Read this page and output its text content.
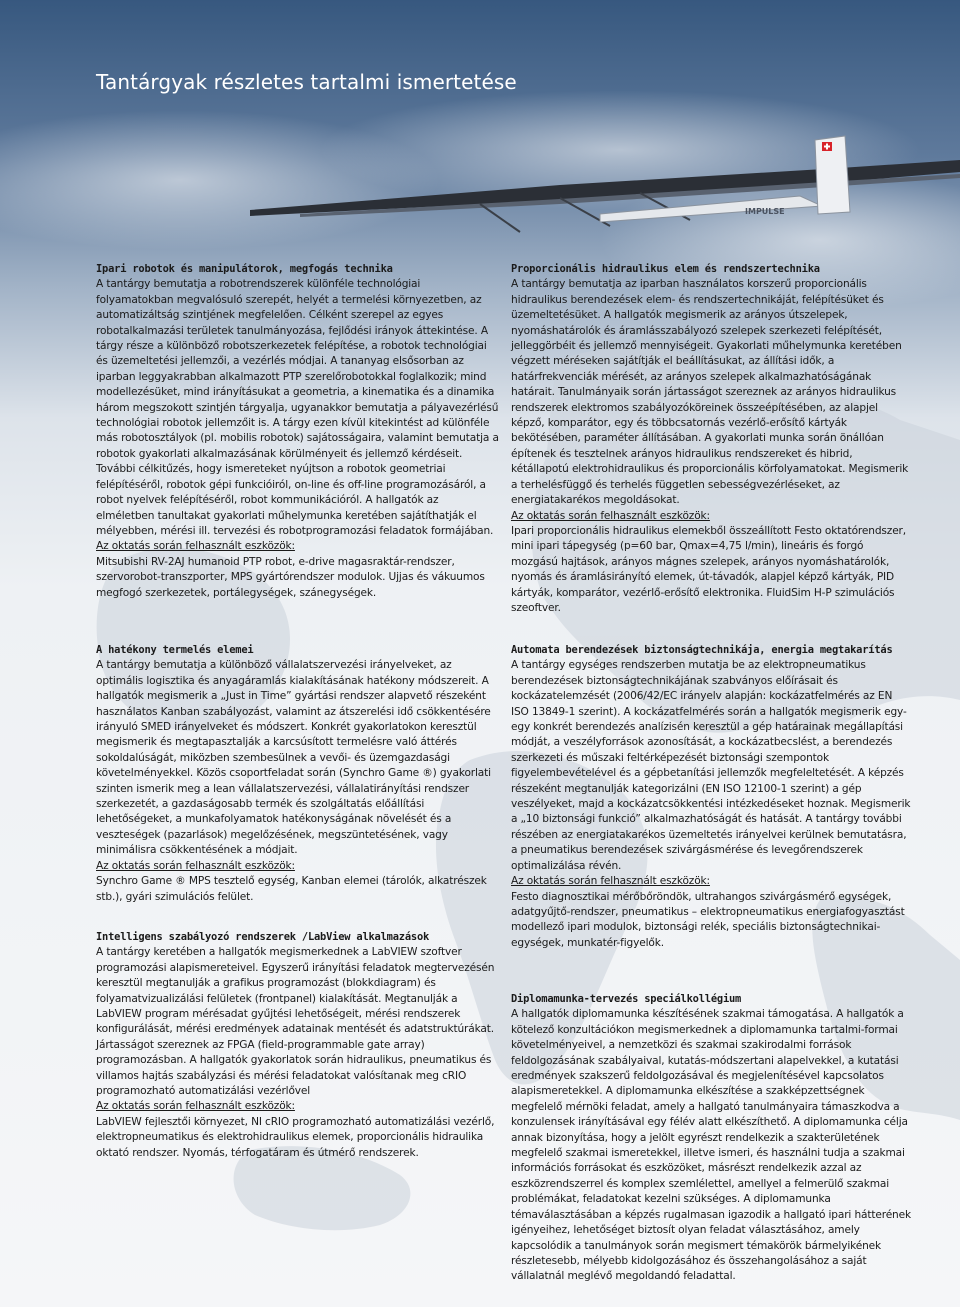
IMPULSE
Tantárgyak részletes tartalmi ismertetése

Ipari robotok és manipulátorok, megfogás technika

A tantárgy bemutatja a robotrendszerek különféle technológiai folyamatokban megvalósuló szerepét, helyét a termelési környezetben, az automatizáltság szintjének megfelelően. Célként szerepel az egyes robotalkalmazási területek tanulmányozása, fejlődési irányok áttekintése. A tárgy része a különböző robotszerkezetek felépítése, a robotok technológiai és üzemeltetési jellemzői, a vezérlés módjai. A tananyag elsősorban az iparban leggyakrabban alkalmazott PTP szerelőrobotokkal foglalkozik; mind modellezésüket, mind irányításukat a geometria, a kinematika és a dinamika három megszokott szintjén tárgyalja, ugyanakkor bemutatja a pályavezérlésű technológiai robotok jellemzőit is. A tárgy ezen kívül kitekintést ad különféle más robotosztályok (pl. mobilis robotok) sajátosságaira, valamint bemutatja a robotok gyakorlati alkalmazásának körülményeit és jellemző kérdéseit. További célkitűzés, hogy ismereteket nyújtson a robotok geometriai felépítéséről, robotok gépi funkcióiról, on-line és off-line programozásáról, a robot nyelvek felépítéséről, robot kommunikációról. A hallgatók az elméletben tanultakat gyakorlati műhelymunka keretében sajátíthatják el mélyebben, mérési ill. tervezési és robotprogramozási feladatok formájában.

Az oktatás során felhasznált eszközök:

Mitsubishi RV-2AJ humanoid PTP robot, e-drive magasraktár-rendszer, szervorobot-transzporter, MPS gyártórendszer modulok. Ujjas és vákuumos megfogó szerkezetek, portálegységek, szánegységek.

A hatékony termelés elemei

A tantárgy bemutatja a különböző vállalatszervezési irányelveket, az optimális logisztika és anyagáramlás kialakításának hatékony módszereit. A hallgatók megismerik a „Just in Time” gyártási rendszer alapvető részeként használatos Kanban szabályozást, valamint az átszerelési idő csökkentésére irányuló SMED irányelveket és módszert. Konkrét gyakorlatokon keresztül megismerik és megtapasztalják a karcsúsított termelésre való áttérés sokoldalúságát, miközben szembesülnek a vevői- és üzemgazdasági követelményekkel. Közös csoportfeladat során (Synchro Game ®) gyakorlati szinten ismerik meg a lean vállalatszervezési, vállalatirányítási rendszer szerkezetét, a gazdaságosabb termék és szolgáltatás előállítási lehetőségeket, a munkafolyamatok hatékonyságának növelését és a veszteségek (pazarlások) megelőzésének, megszüntetésének, vagy minimálisra csökkentésének a módjait.

Az oktatás során felhasznált eszközök:

Synchro Game ® MPS tesztelő egység, Kanban elemei (tárolók, alkatrészek stb.), gyári szimulációs felület.

Intelligens szabályozó rendszerek /LabView alkalmazások

A tantárgy keretében a hallgatók megismerkednek a LabVIEW szoftver programozási alapismereteivel. Egyszerű irányítási feladatok megtervezésén keresztül megtanulják a grafikus programozást (blokkdiagram) és folyamatvizualizálási felületek (frontpanel) kialakítását. Megtanulják a LabVIEW program mérésadat gyűjtési lehetőségeit, mérési rendszerek konfigurálását, mérési eredmények adatainak mentését és adatstruktúrákat. Jártasságot szereznek az FPGA (field-programmable gate array) programozásban. A hallgatók gyakorlatok során hidraulikus, pneumatikus és villamos hajtás szabályzási és mérési feladatokat valósítanak meg cRIO programozható automatizálási vezérlővel

Az oktatás során felhasznált eszközök:

LabVIEW fejlesztői környezet, NI cRIO programozható automatizálási vezérlő, elektropneumatikus és elektrohidraulikus elemek, proporcionális hidraulika oktató rendszer. Nyomás, térfogatáram és útmérő rendszerek.

Proporcionális hidraulikus elem és rendszertechnika

A tantárgy bemutatja az iparban használatos korszerű proporcionális hidraulikus berendezések elem- és rendszertechnikáját, felépítésüket és üzemeltetésüket. A hallgatók megismerik az arányos útszelepek, nyomáshatárolók és áramlásszabályozó szelepek szerkezeti felépítését, jelleggörbéit és jellemző mennyiségeit. Gyakorlati műhelymunka keretében végzett méréseken sajátítják el beállításukat, az állítási idők, a határfrekvenciák mérését, az arányos szelepek alkalmazhatóságának határait. Tanulmányaik során jártasságot szereznek az arányos hidraulikus rendszerek elektromos szabályozóköreinek összeépítésében, az alapjel képző, komparátor, egy és többcsatornás vezérlő-erősítő kártyák bekötésében, paraméter állításában. A gyakorlati munka során önállóan építenek és tesztelnek arányos hidraulikus rendszereket és hibrid, kétállapotú elektrohidraulikus és proporcionális körfolyamatokat. Megismerik a terhelésfüggő és terhelés független sebességvezérléseket, az energiatakarékos megoldásokat.

Az oktatás során felhasznált eszközök:

Ipari proporcionális hidraulikus elemekből összeállított Festo oktatórendszer, mini ipari tápegység (p=60 bar, Qmax=4,75 l/min), lineáris és forgó mozgású hajtások, arányos mágnes szelepek, arányos nyomáshatárolók, nyomás és áramlásirányító elemek, út-távadók, alapjel képző kártyák, PID kártyák, komparátor, vezérlő-erősítő elektronika. FluidSim H-P szimulációs szeoftver.

Automata berendezések biztonságtechnikája, energia megtakarítás

A tantárgy egységes rendszerben mutatja be az elektropneumatikus berendezések biztonságtechnikájának szabványos előírásait és kockázatelemzését (2006/42/EC irányelv alapján: kockázatfelmérés az EN ISO 13849-1 szerint). A kockázatfelmérés során a hallgatók megismerik egy-egy konkrét berendezés analízisén keresztül a gép határainak megállapítási módját, a veszélyforrások azonosítását, a kockázatbecslést, a berendezés szerkezeti és műszaki feltérképezését biztonsági szempontok figyelembevételével és a gépbetanítási jellemzők megfeleltetését. A képzés részeként megtanulják kategorizálni (EN ISO 12100-1 szerint) a gép veszélyeket, majd a kockázatcsökkentési intézkedéseket hoznak. Megismerik a „10 biztonsági funkció” alkalmazhatóságát és hatását. A tantárgy további részében az energiatakarékos üzemeltetés irányelvei kerülnek bemutatásra, a pneumatikus berendezések szivárgásmérése és levegőrendszerek optimalizálása révén.

Az oktatás során felhasznált eszközök:

Festo diagnosztikai mérőbőröndök, ultrahangos szivárgásmérő egységek, adatgyűjtő-rendszer, pneumatikus – elektropneumatikus energiafogyasztást modellező ipari modulok, biztonsági relék, speciális biztonságtechnikai-egységek, munkatér-figyelők.

Diplomamunka-tervezés speciálkollégium

A hallgatók diplomamunka készítésének szakmai támogatása. A hallgatók a kötelező konzultációkon megismerkednek a diplomamunka tartalmi-formai követelményeivel, a nemzetközi és szakmai szakirodalmi források feldolgozásának szabályaival, kutatás-módszertani alapelvekkel, a kutatási eredmények szakszerű feldolgozásával és megjelenítésével kapcsolatos alapismeretekkel. A diplomamunka elkészítése a szakképzettségnek megfelelő mérnöki feladat, amely a hallgató tanulmányaira támaszkodva a konzulensek irányításával egy félév alatt elkészíthető. A diplomamunka célja annak bizonyítása, hogy a jelölt egyrészt rendelkezik a szakterületének megfelelő szakmai ismeretekkel, illetve ismeri, és használni tudja a szakmai információs forrásokat és eszközöket, másrészt rendelkezik azzal az eszközrendszerrel és komplex szemlélettel, amellyel a felmerülő szakmai problémákat, feladatokat kezelni szükséges. A diplomamunka témaválasztásában a képzés rugalmasan igazodik a hallgató ipari hátterének igényeihez, lehetőséget biztosít olyan feladat választásához, amely kapcsolódik a tanulmányok során megismert témakörök bármelyikének részletesebb, mélyebb kidolgozásához és összehangolásához a saját vállalatnál meglévő megoldandó feladattal.
